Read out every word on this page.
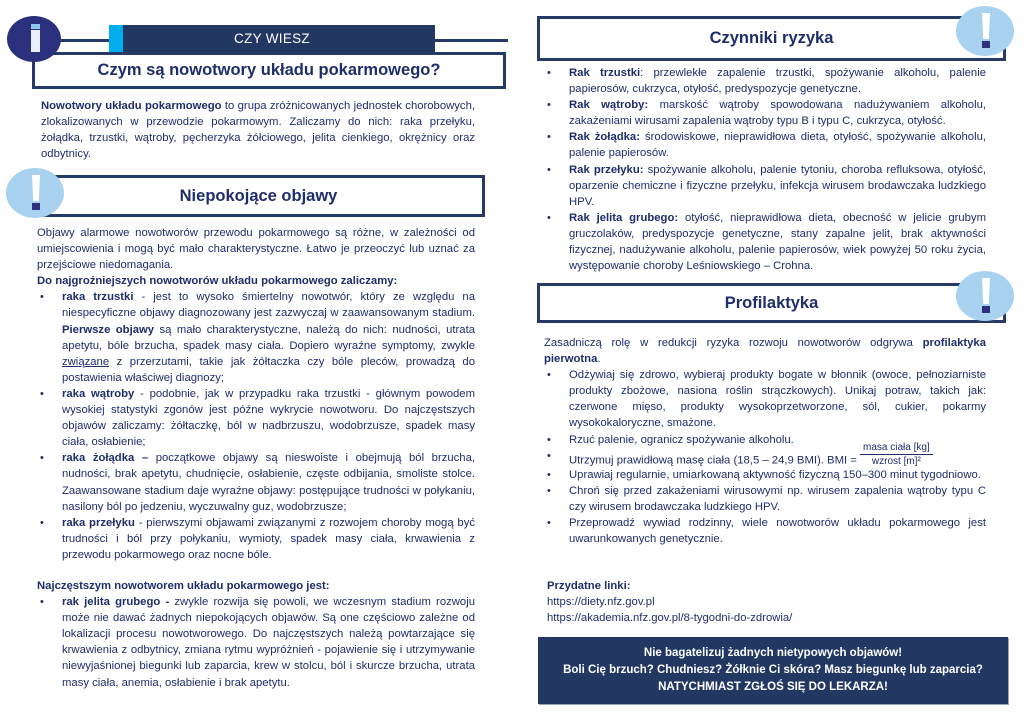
Czym są nowotwory układu pokarmowego?
CZY WIESZ
Nowotwory układu pokarmowego to grupa zróżnicowanych jednostek chorobowych, zlokalizowanych w przewodzie pokarmowym. Zaliczamy do nich: raka przełyku, żołądka, trzustki, wątroby, pęcherzyka żółciowego, jelita cienkiego, okrężnicy oraz odbytnicy.
Niepokojące objawy

Objawy alarmowe nowotworów przewodu pokarmowego są różne, w zależności od umiejscowienia i mogą być mało charakterystyczne. Łatwo je przeoczyć lub uznać za przejściowe niedomagania.

Do najgroźniejszych nowotworów układu pokarmowego zaliczamy:

• raka trzustki - jest to wysoko śmiertelny nowotwór, który ze względu na niespecyficzne objawy diagnozowany jest zazwyczaj w zaawansowanym stadium. Pierwsze objawy są mało charakterystyczne, należą do nich: nudności, utrata apetytu, bóle brzucha, spadek masy ciała. Dopiero wyraźne symptomy, zwykle związane z przerzutami, takie jak żółtaczka czy bóle pleców, prowadzą do postawienia właściwej diagnozy;
• raka wątroby - podobnie, jak w przypadku raka trzustki - głównym powodem wysokiej statystyki zgonów jest późne wykrycie nowotworu. Do najczęstszych objawów zaliczamy: żółtaczkę, ból w nadbrzuszu, wodobrzusze, spadek masy ciała, osłabienie;
• raka żołądka – początkowe objawy są nieswoiste i obejmują ból brzucha, nudności, brak apetytu, chudnięcie, osłabienie, częste odbijania, smoliste stolce. Zaawansowane stadium daje wyraźne objawy: postępujące trudności w połykaniu, nasilony ból po jedzeniu, wyczuwalny guz, wodobrzusze;
• raka przełyku - pierwszymi objawami związanymi z rozwojem choroby mogą być trudności i ból przy połykaniu, wymioty, spadek masy ciała, krwawienia z przewodu pokarmowego oraz nocne bóle.

Najczęstszym nowotworem układu pokarmowego jest:

• rak jelita grubego - zwykle rozwija się powoli, we wczesnym stadium rozwoju może nie dawać żadnych niepokojących objawów. Są one częściowo zależne od lokalizacji procesu nowotworowego. Do najczęstszych należą powtarzające się krwawienia z odbytnicy, zmiana rytmu wypróżnień - pojawienie się i utrzymywanie niewyjaśnionej biegunki lub zaparcia, krew w stolcu, ból i skurcze brzucha, utrata masy ciała, anemia, osłabienie i brak apetytu.
Czynniki ryzyka
• Rak trzustki: przewlekłe zapalenie trzustki, spożywanie alkoholu, palenie papierosów, cukrzyca, otyłość, predyspozycje genetyczne.
• Rak wątroby: marskość wątroby spowodowana nadużywaniem alkoholu, zakażeniami wirusami zapalenia wątroby typu B i typu C, cukrzyca, otyłość.
• Rak żołądka: środowiskowe, nieprawidłowa dieta, otyłość, spożywanie alkoholu, palenie papierosów.
• Rak przełyku: spożywanie alkoholu, palenie tytoniu, choroba refluksowa, otyłość, oparzenie chemiczne i fizyczne przełyku, infekcja wirusem brodawczaka ludzkiego HPV.
• Rak jelita grubego: otyłość, nieprawidłowa dieta, obecność w jelicie grubym gruczolaków, predyspozycje genetyczne, stany zapalne jelit, brak aktywności fizycznej, nadużywanie alkoholu, palenie papierosów, wiek powyżej 50 roku życia, występowanie choroby Leśniowskiego – Crohna.
Profilaktyka

Zasadniczą rolę w redukcji ryzyka rozwoju nowotworów odgrywa profilaktyka pierwotna.

• Odżywiaj się zdrowo, wybieraj produkty bogate w błonnik (owoce, pełnoziarniste produkty zbożowe, nasiona roślin strączkowych). Unikaj potraw, takich jak: czerwone mięso, produkty wysokoprzetworzone, sól, cukier, pokarmy wysokokaloryczne, smażone.
• Rzuć palenie, ogranicz spożywanie alkoholu.
• Utrzymuj prawidłową masę ciała (18,5 – 24,9 BMI). BMI =
masa ciała [kg]
wzrost [m]²
• Uprawiaj regularnie, umiarkowaną aktywność fizyczną 150–300 minut tygodniowo.
• Chroń się przed zakażeniami wirusowymi np. wirusem zapalenia wątroby typu C czy wirusem brodawczaka ludzkiego HPV.
• Przeprowadź wywiad rodzinny, wiele nowotworów układu pokarmowego jest uwarunkowanych genetycznie.

Przydatne linki:

https://diety.nfz.gov.pl
https://akademia.nfz.gov.pl/8-tygodni-do-zdrowia/
Nie bagatelizuj żadnych nietypowych objawów!
Boli Cię brzuch? Chudniesz? Żółknie Ci skóra? Masz biegunkę lub zaparcia?
NATYCHMIAST ZGŁOŚ SIĘ DO LEKARZA!
